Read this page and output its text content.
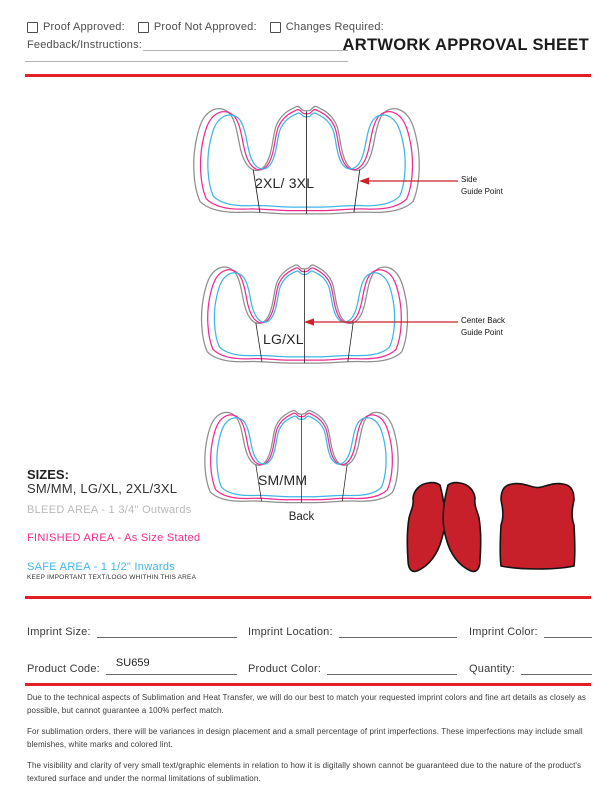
Proof Approved:	Proof Not Approved:	Changes Required:
Feedback/Instructions:	ARTWORK APPROVAL SHEET
2XL/ 3XL	Side
Guide Point
LG/XL
Center Back
Guide Point
SM/MM
Back
SIZES:
SM/MM, LG/XL, 2XL/3XL
BLEED AREA - 1 3/4" Outwards
FINISHED AREA - As Size Stated
SAFE AREA - 1 1/2" Inwards
KEEP IMPORTANT TEXT/LOGO WHITHIN THIS AREA
Imprint Size:	Imprint Location:	Imprint Color:
Product Code:	SU659	Product Color:	Quantity:

Due to the technical aspects of Sublimation and Heat Transfer, we will do our best to match your requested imprint colors and fine art details as closely as possible, but cannot guarantee a 100% perfect match.

For sublimation orders, there will be variances in design placement and a small percentage of print imperfections. These imperfections may include small blemishes, white marks and colored lint.

The visibility and clarity of very small text/graphic elements in relation to how it is digitally shown cannot be guaranteed due to the nature of the product's textured surface and under the normal limitations of sublimation.
